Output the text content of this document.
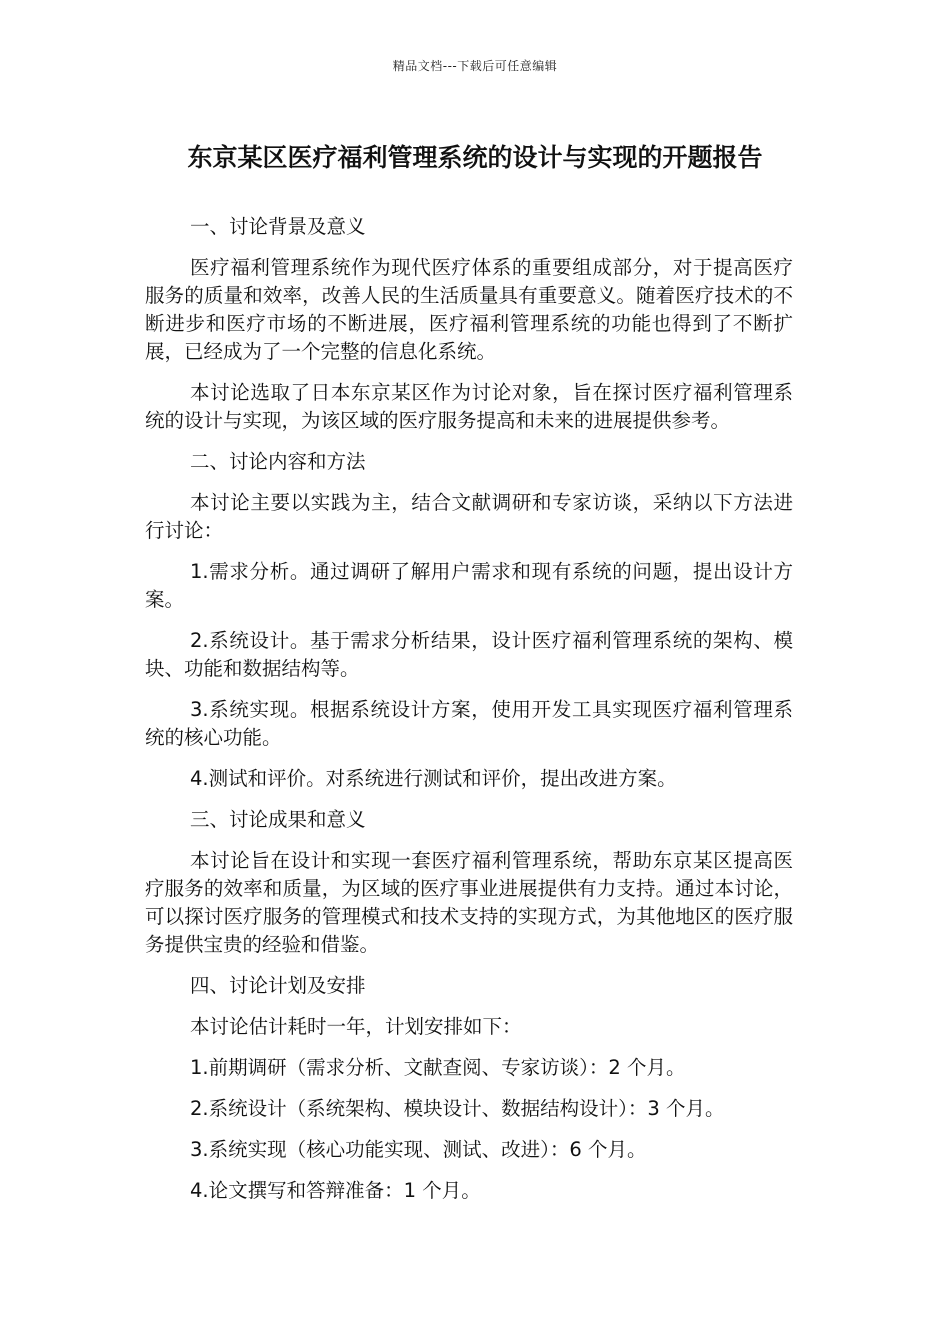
精品文档---下载后可任意编辑
东京某区医疗福利管理系统的设计与实现的开题报告

一、讨论背景及意义

医疗福利管理系统作为现代医疗体系的重要组成部分，对于提高医疗服务的质量和效率，改善人民的生活质量具有重要意义。随着医疗技术的不断进步和医疗市场的不断进展，医疗福利管理系统的功能也得到了不断扩展，已经成为了一个完整的信息化系统。

本讨论选取了日本东京某区作为讨论对象，旨在探讨医疗福利管理系统的设计与实现，为该区域的医疗服务提高和未来的进展提供参考。

二、讨论内容和方法

本讨论主要以实践为主，结合文献调研和专家访谈，采纳以下方法进行讨论：

1.需求分析。通过调研了解用户需求和现有系统的问题，提出设计方案。

2.系统设计。基于需求分析结果，设计医疗福利管理系统的架构、模块、功能和数据结构等。

3.系统实现。根据系统设计方案，使用开发工具实现医疗福利管理系统的核心功能。

4.测试和评价。对系统进行测试和评价，提出改进方案。

三、讨论成果和意义

本讨论旨在设计和实现一套医疗福利管理系统，帮助东京某区提高医疗服务的效率和质量，为区域的医疗事业进展提供有力支持。通过本讨论，可以探讨医疗服务的管理模式和技术支持的实现方式，为其他地区的医疗服务提供宝贵的经验和借鉴。

四、讨论计划及安排

本讨论估计耗时一年，计划安排如下：

1.前期调研（需求分析、文献查阅、专家访谈）：2 个月。

2.系统设计（系统架构、模块设计、数据结构设计）：3 个月。

3.系统实现（核心功能实现、测试、改进）：6 个月。

4.论文撰写和答辩准备：1 个月。
